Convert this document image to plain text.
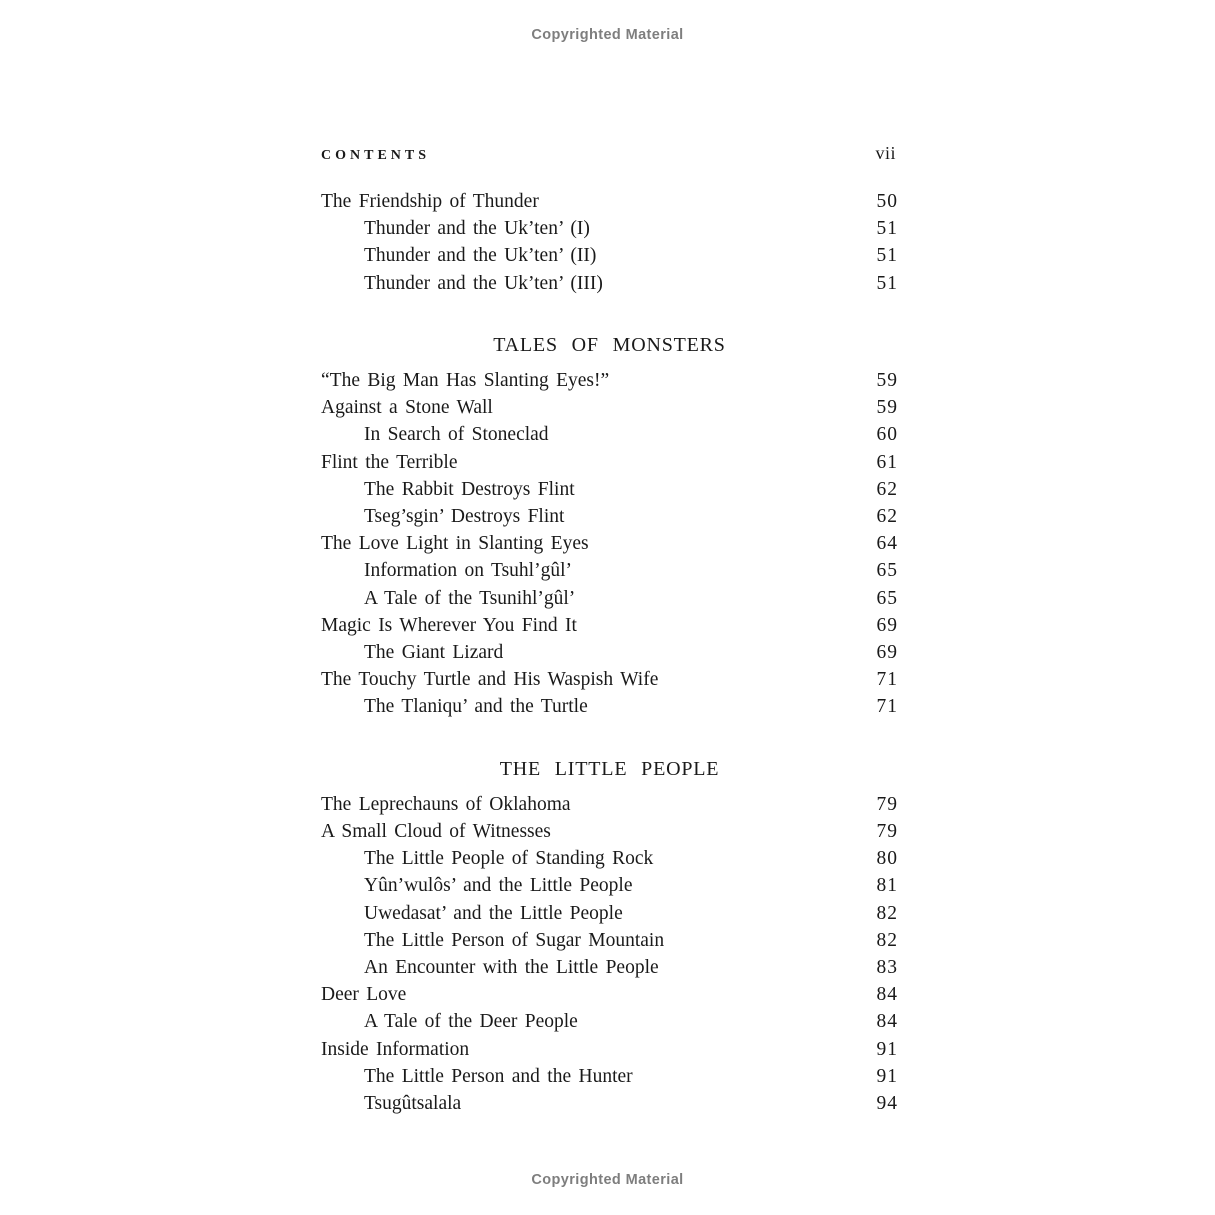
Copyrighted Material
CONTENTS	vii
The Friendship of Thunder	50
Thunder and the Uk’ten’ (I)	51
Thunder and the Uk’ten’ (II)	51
Thunder and the Uk’ten’ (III)	51
TALES OF MONSTERS
“The Big Man Has Slanting Eyes!”	59
Against a Stone Wall	59
In Search of Stoneclad	60
Flint the Terrible	61
The Rabbit Destroys Flint	62
Tseg’sgin’ Destroys Flint	62
The Love Light in Slanting Eyes	64
Information on Tsuhl’gûl’	65
A Tale of the Tsunihl’gûl’	65
Magic Is Wherever You Find It	69
The Giant Lizard	69
The Touchy Turtle and His Waspish Wife	71
The Tlaniqu’ and the Turtle	71
THE LITTLE PEOPLE
The Leprechauns of Oklahoma	79
A Small Cloud of Witnesses	79
The Little People of Standing Rock	80
Yûn’wulôs’ and the Little People	81
Uwedasat’ and the Little People	82
The Little Person of Sugar Mountain	82
An Encounter with the Little People	83
Deer Love	84
A Tale of the Deer People	84
Inside Information	91
The Little Person and the Hunter	91
Tsugûtsalala	94
Copyrighted Material
